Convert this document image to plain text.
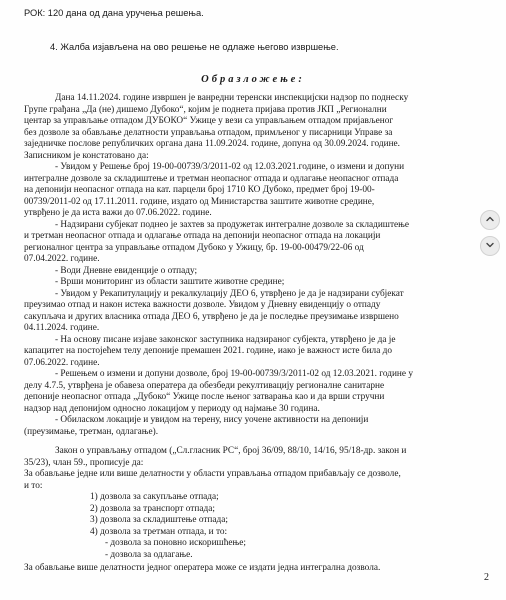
РОК: 120 дана од дана уручења решења.
4. Жалба изјављена на ово решење не одлаже његово извршење.
Образложење:
Дана 14.11.2024. године извршен је ванредни теренски инспекцијски надзор по поднеску
Групе грађана „Да (не) дишемо Дубоко“, којим је поднета пријава против ЈКП „Регионални
центар за управљање отпадом ДУБОКО“ Ужице у вези са управљањем отпадом пријављеног
без дозволе за обављање делатности управљања отпадом, примљеног у писарници Управе за
заједничке послове републичких органа дана 11.09.2024. године, допуна од 30.09.2024. године.
Записником је констатовано да:
- Увидом у Решење број 19-00-00739/3/2011-02 од 12.03.2021.године, о измени и допуни
интегралне дозволе за складиштење и третман неопасног отпада и одлагање неопасног отпада
на депонији неопасног отпада на кат. парцели број 1710 КО Дубоко, предмет број 19-00-
00739/2011-02 од 17.11.2011. године, издато од Министарства заштите животне средине,
утврђено је да иста важи до 07.06.2022. године.
- Надзирани субјекат поднео је захтев за продужетак интегралне дозволе за складиштење
и третман неопасног отпада и одлагање отпада на депонији неопасног отпада на локацији
регионалног центра за управљање отпадом Дубоко у Ужицу, бр. 19-00-00479/22-06 од
07.04.2022. године.
- Води Дневне евиденције о отпаду;
- Врши мониторинг из области заштите животне средине;
- Увидом у Рекапитулацију и рекалкулацију ДЕО 6, утврђено је да је надзирани субјекат
преузимао отпад и након истека важности дозволе. Увидом у Дневну евиденцију о отпаду
сакупљача и других власника отпада ДЕО 6, утврђено је да је последње преузимање извршено
04.11.2024. године.
- На основу писане изјаве законског заступника надзираног субјекта, утврђено је да је
капацитет на постојећем телу депоније премашен 2021. године, иако је важност исте била до
07.06.2022. године.
- Решењем о измени и допуни дозволе, број 19-00-00739/3/2011-02 од 12.03.2021. године у
делу 4.7.5, утврђена је обавеза оператера да обезбеди рекултивацију регионалне санитарне
депоније неопасног отпада „Дубоко“ Ужице после њеног затварања као и да врши стручни
надзор над депонијом односно локацијом у периоду од најмање 30 година.
- Обиласком локације и увидом на терену, нису уочене активности на депонији
(преузимање, третман, одлагање).
Закон о управљању отпадом („Сл.гласник РС“, број 36/09, 88/10, 14/16, 95/18-др. закон и
35/23), члан 59., прописује да:
За обављање једне или више делатности у области управљања отпадом прибављају се дозволе,
и то:
1) дозвола за сакупљање отпада;
2) дозвола за транспорт отпада;
3) дозвола за складиштење отпада;
4) дозвола за третман отпада, и то:
- дозвола за поновно искоришћење;
- дозвола за одлагање.
За обављање више делатности једног оператера може се издати једна интегрална дозвола.
2
